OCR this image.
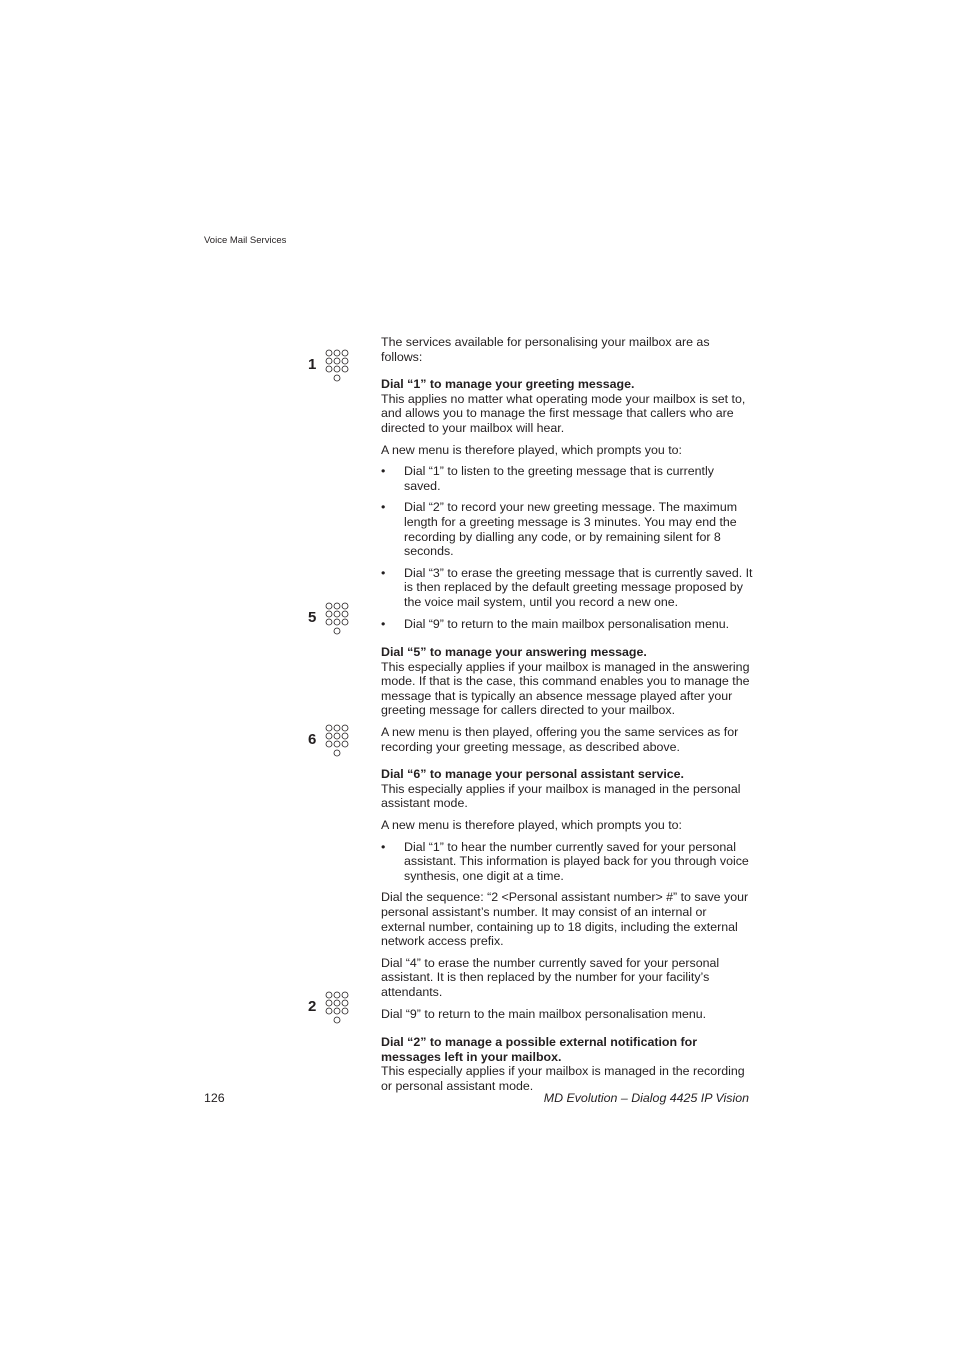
Voice Mail Services
1
5
6
2

The services available for personalising your mailbox are as follows:

Dial “1” to manage your greeting message.

This applies no matter what operating mode your mailbox is set to, and allows you to manage the first message that callers who are directed to your mailbox will hear.

A new menu is therefore played, which prompts you to:

• Dial “1” to listen to the greeting message that is currently saved.
• Dial “2” to record your new greeting message. The maximum length for a greeting message is 3 minutes. You may end the recording by dialling any code, or by remaining silent for 8 seconds.
• Dial “3” to erase the greeting message that is currently saved. It is then replaced by the default greeting message proposed by the voice mail system, until you record a new one.
• Dial “9” to return to the main mailbox personalisation menu.

Dial “5” to manage your answering message.

This especially applies if your mailbox is managed in the answering mode. If that is the case, this command enables you to manage the message that is typically an absence message played after your greeting message for callers directed to your mailbox.

A new menu is then played, offering you the same services as for recording your greeting message, as described above.

Dial “6” to manage your personal assistant service.

This especially applies if your mailbox is managed in the personal assistant mode.

A new menu is therefore played, which prompts you to:

• Dial “1” to hear the number currently saved for your personal assistant. This information is played back for you through voice synthesis, one digit at a time.

Dial the sequence: “2 <Personal assistant number> #” to save your personal assistant’s number. It may consist of an internal or external number, containing up to 18 digits, including the external network access prefix.

Dial “4” to erase the number currently saved for your personal assistant. It is then replaced by the number for your facility’s attendants.

Dial “9” to return to the main mailbox personalisation menu.

Dial “2” to manage a possible external notification for messages left in your mailbox.

This especially applies if your mailbox is managed in the recording or personal assistant mode.

126	MD Evolution – Dialog 4425 IP Vision
